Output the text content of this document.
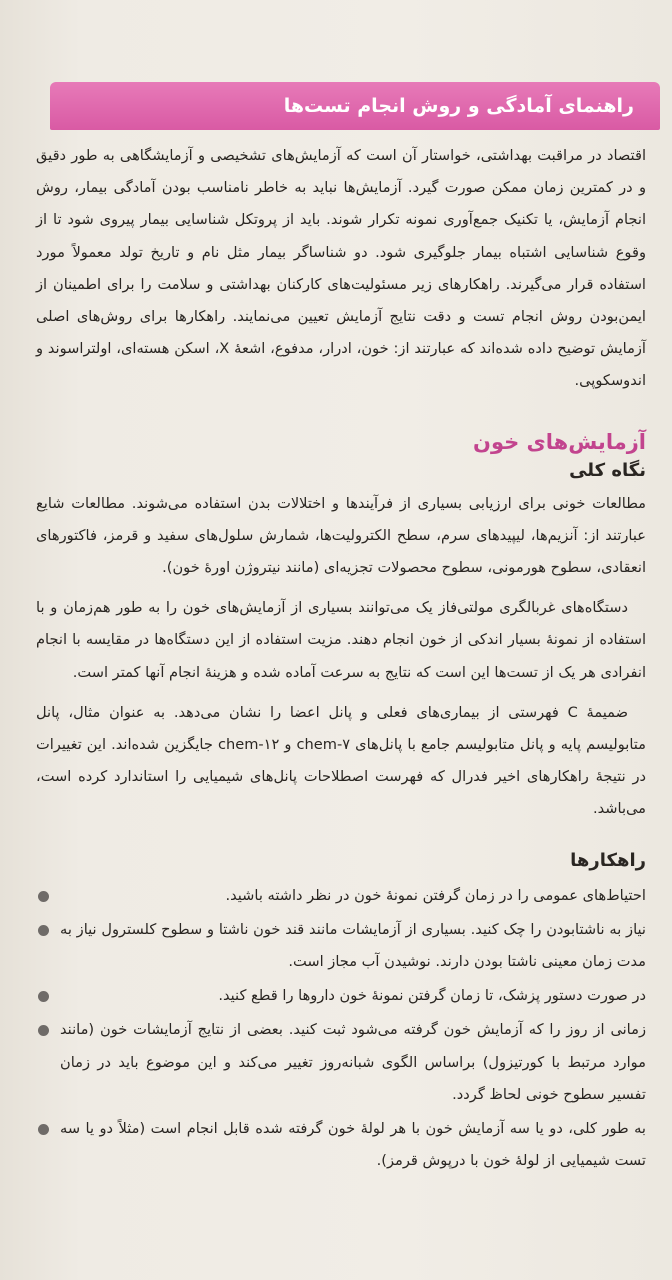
راهنمای آمادگی و روش انجام تست‌ها

اقتصاد در مراقبت بهداشتی، خواستار آن است که آزمایش‌های تشخیصی و آزمایشگاهی به طور دقیق و در کمترین زمان ممکن صورت گیرد. آزمایش‌ها نباید به خاطر نامناسب بودن آمادگی بیمار، روش انجام آزمایش، یا تکنیک جمع‌آوری نمونه تکرار شوند. باید از پروتکل شناسایی بیمار پیروی شود تا از وقوع شناسایی اشتباه بیمار جلوگیری شود. دو شناساگر بیمار مثل نام و تاریخ تولد معمولاً مورد استفاده قرار می‌گیرند. راهکارهای زیر مسئولیت‌های کارکنان بهداشتی و سلامت را برای اطمینان از ایمن‌بودن روش انجام تست و دقت نتایج آزمایش تعیین می‌نمایند. راهکارها برای روش‌های اصلی آزمایش توضیح داده شده‌اند که عبارتند از: خون، ادرار، مدفوع، اشعهٔ X، اسکن هسته‌ای، اولتراسوند و اندوسکوپی.

آزمایش‌های خون
نگاه کلی

مطالعات خونی برای ارزیابی بسیاری از فرآیندها و اختلالات بدن استفاده می‌شوند. مطالعات شایع عبارتند از: آنزیم‌ها، لیپیدهای سرم، سطح الکترولیت‌ها، شمارش سلول‌های سفید و قرمز، فاکتورهای انعقادی، سطوح هورمونی، سطوح محصولات تجزیه‌ای (مانند نیتروژن اورهٔ خون).

دستگاه‌های غربالگری مولتی‌فاز یک می‌توانند بسیاری از آزمایش‌های خون را به طور هم‌زمان و با استفاده از نمونهٔ بسیار اندکی از خون انجام دهند. مزیت استفاده از این دستگاه‌ها در مقایسه با انجام انفرادی هر یک از تست‌ها این است که نتایج به سرعت آماده شده و هزینهٔ انجام آنها کمتر است.

ضمیمهٔ C فهرستی از بیماری‌های فعلی و پانل اعضا را نشان می‌دهد. به عنوان مثال، پانل متابولیسم پایه و پانل متابولیسم جامع با پانل‌های chem-۷ و chem-۱۲ جایگزین شده‌اند. این تغییرات در نتیجهٔ راهکارهای اخیر فدرال که فهرست اصطلاحات پانل‌های شیمیایی را استاندارد کرده است، می‌باشد.

راهکارها
احتیاط‌های عمومی را در زمان گرفتن نمونهٔ خون در نظر داشته باشید.
نیاز به ناشتابودن را چک کنید. بسیاری از آزمایشات مانند قند خون ناشتا و سطوح کلسترول نیاز به مدت زمان معینی ناشتا بودن دارند. نوشیدن آب مجاز است.
در صورت دستور پزشک، تا زمان گرفتن نمونهٔ خون داروها را قطع کنید.
زمانی از روز را که آزمایش خون گرفته می‌شود ثبت کنید. بعضی از نتایج آزمایشات خون (مانند موارد مرتبط با کورتیزول) براساس الگوی شبانه‌روز تغییر می‌کند و این موضوع باید در زمان تفسیر سطوح خونی لحاظ گردد.
به طور کلی، دو یا سه آزمایش خون با هر لولهٔ خون گرفته شده قابل انجام است (مثلاً دو یا سه تست شیمیایی از لولهٔ خون با درپوش قرمز).
